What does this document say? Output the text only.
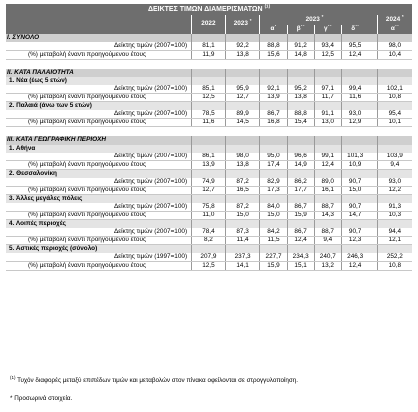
ΔΕΙΚΤΕΣ ΤΙΜΩΝ ΔΙΑΜΕΡΙΣΜΑΤΩΝ $^{(1)}$
	2022	2023 *	2023 *					2024 *
			α΄	β΄*	γ΄*	δ΄*		α΄*
I. ΣΥΝΟΛΟ								
Δείκτης τιμών (2007=100)	81,1	92,2	88,8	91,2	93,4	95,5		98,0
(%) μεταβολή έναντι προηγούμενου έτους	11,9	13,8	15,6	14,8	12,5	12,4		10,4

II. ΚΑΤΑ ΠΑΛΑΙΟΤΗΤΑ								
1. Νέα (έως 5 ετών)								
Δείκτης τιμών (2007=100)	85,1	95,9	92,1	95,2	97,1	99,4		102,1
(%) μεταβολή έναντι προηγούμενου έτους	12,5	12,7	13,9	13,8	11,7	11,6		10,8
2. Παλαιά (άνω των 5 ετών)								
Δείκτης τιμών (2007=100)	78,5	89,9	86,7	88,8	91,1	93,0		95,4
(%) μεταβολή έναντι προηγούμενου έτους	11,6	14,5	16,8	15,4	13,0	12,9		10,1

III. ΚΑΤΑ ΓΕΩΓΡΑΦΙΚΗ ΠΕΡΙΟΧΗ								
1. Αθήνα								
Δείκτης τιμών (2007=100)	86,1	98,0	95,0	96,6	99,1	101,3		103,9
(%) μεταβολή έναντι προηγούμενου έτους	13,9	13,8	17,4	14,9	12,4	10,9		9,4
2. Θεσσαλονίκη								
Δείκτης τιμών (2007=100)	74,9	87,2	82,9	86,2	89,0	90,7		93,0
(%) μεταβολή έναντι προηγούμενου έτους	12,7	16,5	17,3	17,7	16,1	15,0		12,2
3. Άλλες μεγάλες πόλεις								
Δείκτης τιμών (2007=100)	75,8	87,2	84,0	86,7	88,7	90,7		91,3
(%) μεταβολή έναντι προηγούμενου έτους	11,0	15,0	15,0	15,9	14,3	14,7		10,3
4. Λοιπές περιοχές								
Δείκτης τιμών (2007=100)	78,4	87,3	84,2	86,7	88,7	90,7		94,4
(%) μεταβολή έναντι προηγούμενου έτους	8,2	11,4	11,5	12,4	9,4	12,3		12,1
5. Αστικές περιοχές (σύνολο)								
Δείκτης τιμών (1997=100)	207,9	237,3	227,7	234,3	240,7	246,3		252,2
(%) μεταβολή έναντι προηγούμενου έτους	12,5	14,1	15,9	15,1	13,2	12,4		10,8
$^{(1)}$ Τυχόν διαφορές μεταξύ επιπέδων τιμών και μεταβολών στον πίνακα οφείλονται σε στρογγυλοποίηση.
* Προσωρινά στοιχεία.
